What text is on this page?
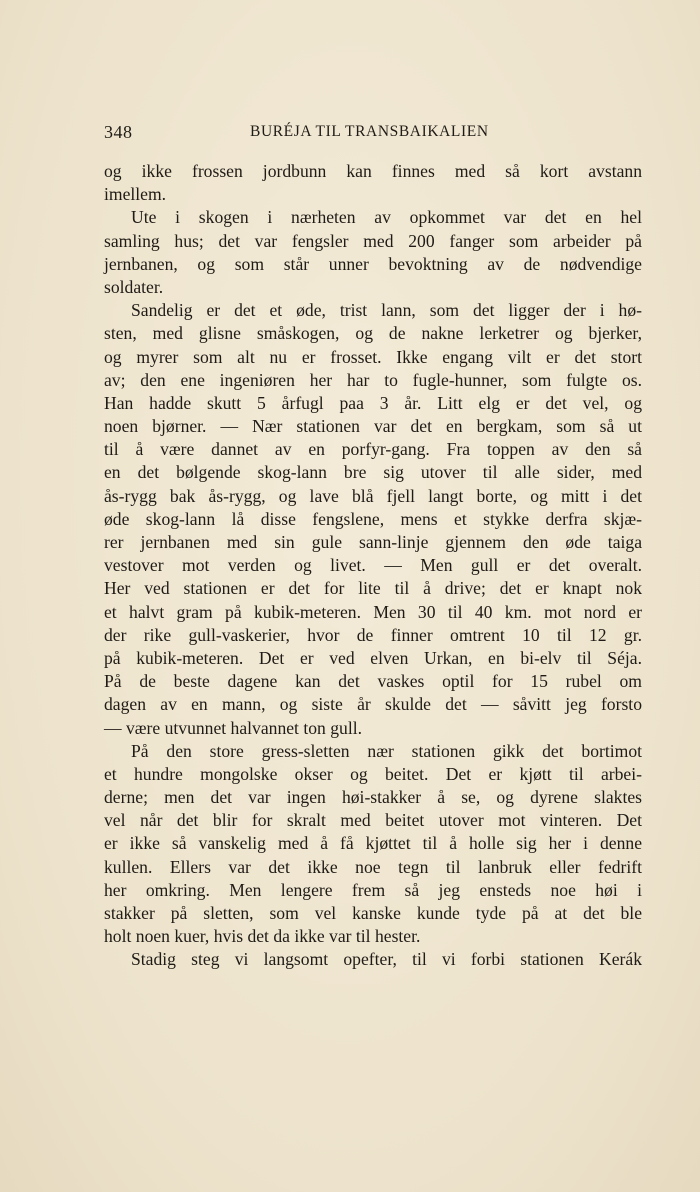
348	BURÉJA TIL TRANSBAIKALIEN
og ikke frossen jordbunn kan finnes med så kort avstann
imellem.
Ute i skogen i nærheten av opkommet var det en hel
samling hus; det var fengsler med 200 fanger som arbeider på
jernbanen, og som står unner bevoktning av de nødvendige
soldater.
Sandelig er det et øde, trist lann, som det ligger der i hø-
sten, med glisne småskogen, og de nakne lerketrer og bjerker,
og myrer som alt nu er frosset. Ikke engang vilt er det stort
av; den ene ingeniøren her har to fugle-hunner, som fulgte os.
Han hadde skutt 5 årfugl paa 3 år. Litt elg er det vel, og
noen bjørner. — Nær stationen var det en bergkam, som så ut
til å være dannet av en porfyr-gang. Fra toppen av den så
en det bølgende skog-lann bre sig utover til alle sider, med
ås-rygg bak ås-rygg, og lave blå fjell langt borte, og mitt i det
øde skog-lann lå disse fengslene, mens et stykke derfra skjæ-
rer jernbanen med sin gule sann-linje gjennem den øde taiga
vestover mot verden og livet. — Men gull er det overalt.
Her ved stationen er det for lite til å drive; det er knapt nok
et halvt gram på kubik-meteren. Men 30 til 40 km. mot nord er
der rike gull-vaskerier, hvor de finner omtrent 10 til 12 gr.
på kubik-meteren. Det er ved elven Urkan, en bi-elv til Séja.
På de beste dagene kan det vaskes optil for 15 rubel om
dagen av en mann, og siste år skulde det — såvitt jeg forsto
— være utvunnet halvannet ton gull.
På den store gress-sletten nær stationen gikk det bortimot
et hundre mongolske okser og beitet. Det er kjøtt til arbei-
derne; men det var ingen høi-stakker å se, og dyrene slaktes
vel når det blir for skralt med beitet utover mot vinteren. Det
er ikke så vanskelig med å få kjøttet til å holle sig her i denne
kullen. Ellers var det ikke noe tegn til lanbruk eller fedrift
her omkring. Men lengere frem så jeg ensteds noe høi i
stakker på sletten, som vel kanske kunde tyde på at det ble
holt noen kuer, hvis det da ikke var til hester.
Stadig steg vi langsomt opefter, til vi forbi stationen Kerák
